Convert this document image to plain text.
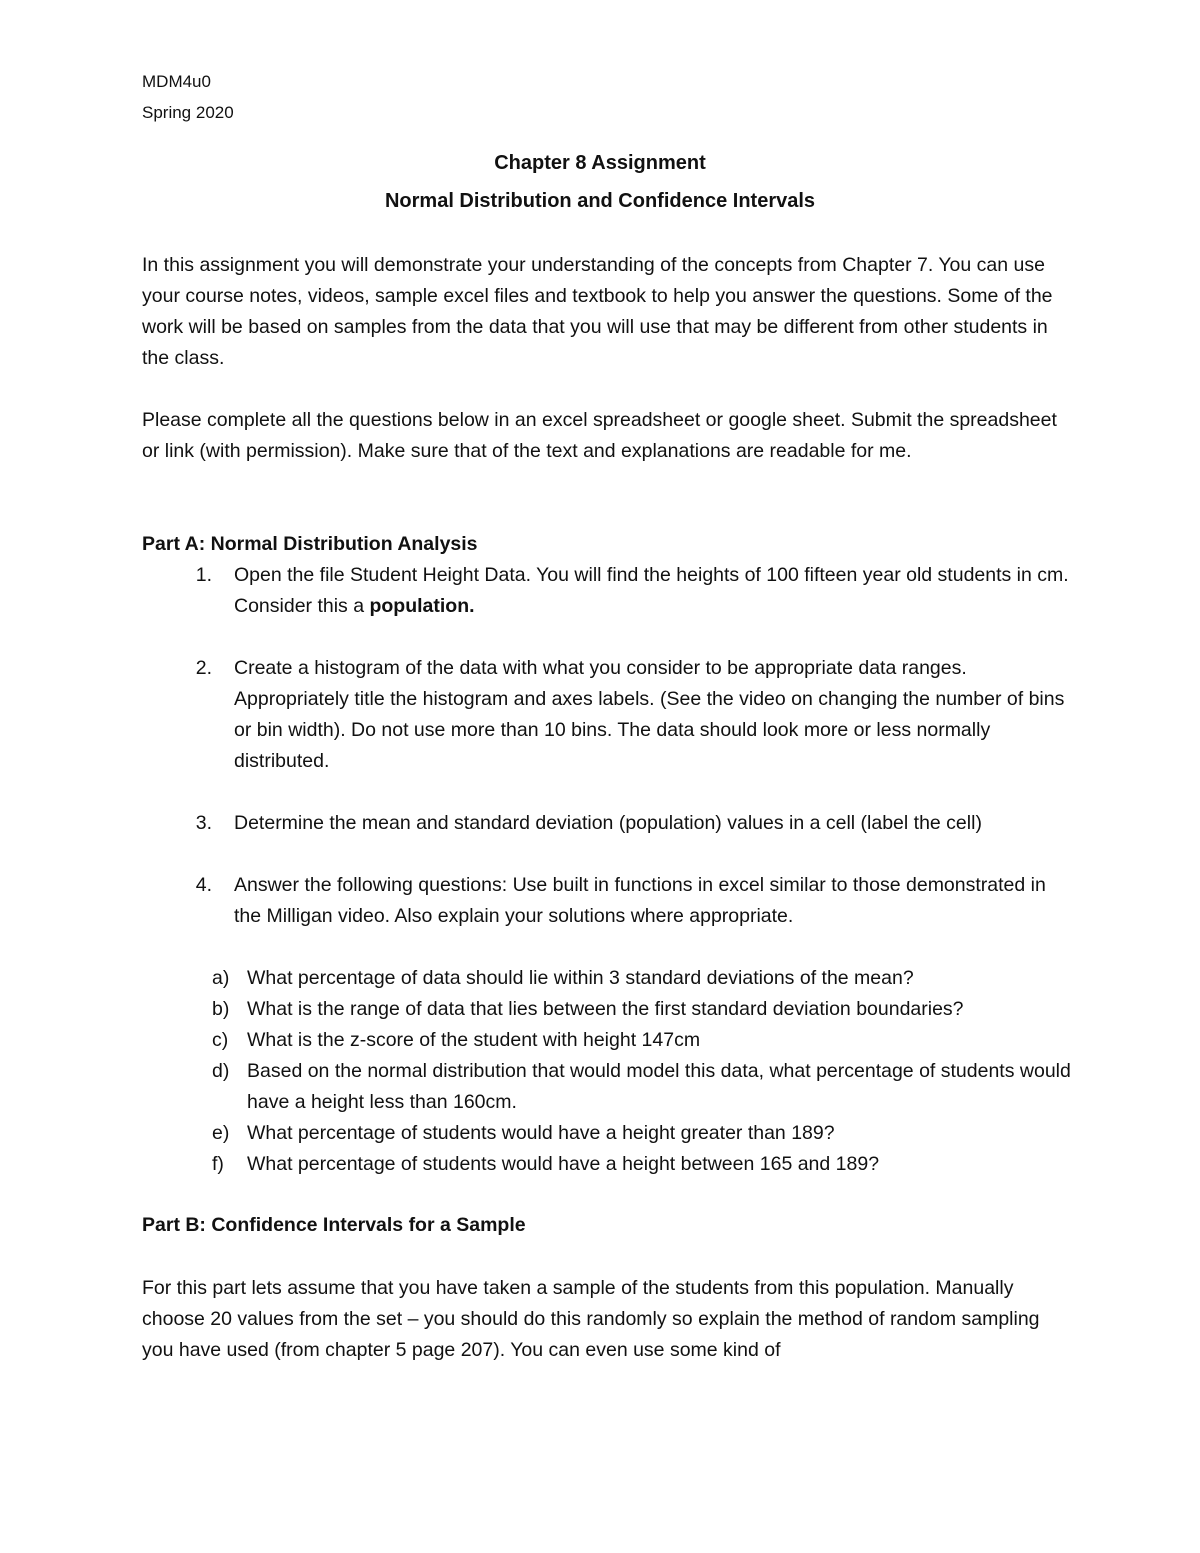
MDM4u0
Spring 2020
Chapter 8 Assignment
Normal Distribution and Confidence Intervals

In this assignment you will demonstrate your understanding of the concepts from Chapter 7. You can use your course notes, videos, sample excel files and textbook to help you answer the questions. Some of the work will be based on samples from the data that you will use that may be different from other students in the class.

Please complete all the questions below in an excel spreadsheet or google sheet. Submit the spreadsheet or link (with permission). Make sure that of the text and explanations are readable for me.

Part A: Normal Distribution Analysis
1.	Open the file Student Height Data. You will find the heights of 100 fifteen year old students in cm. Consider this a population.
2.	Create a histogram of the data with what you consider to be appropriate data ranges. Appropriately title the histogram and axes labels. (See the video on changing the number of bins or bin width). Do not use more than 10 bins. The data should look more or less normally distributed.
3.	Determine the mean and standard deviation (population) values in a cell (label the cell)
4.	Answer the following questions: Use built in functions in excel similar to those demonstrated in the Milligan video. Also explain your solutions where appropriate.
a) What percentage of data should lie within 3 standard deviations of the mean?
b) What is the range of data that lies between the first standard deviation boundaries?
c) What is the z-score of the student with height 147cm
d) Based on the normal distribution that would model this data, what percentage of students would have a height less than 160cm.
e) What percentage of students would have a height greater than 189?
f)	What percentage of students would have a height between 165 and 189?
Part B: Confidence Intervals for a Sample

For this part lets assume that you have taken a sample of the students from this population. Manually choose 20 values from the set – you should do this randomly so explain the method of random sampling you have used (from chapter 5 page 207). You can even use some kind of
